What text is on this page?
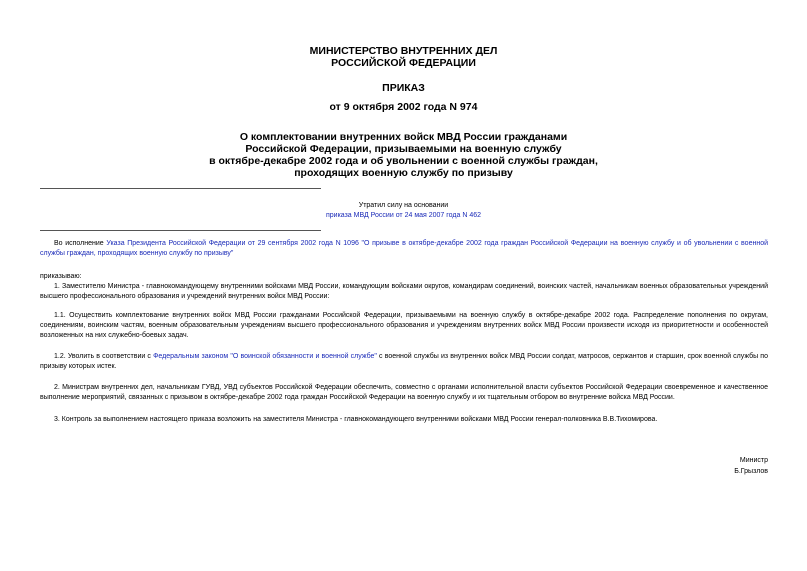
МИНИСТЕРСТВО ВНУТРЕННИХ ДЕЛ
РОССИЙСКОЙ ФЕДЕРАЦИИ
ПРИКАЗ
от 9 октября 2002 года N 974
О комплектовании внутренних войск МВД России гражданами
Российской Федерации, призываемыми на военную службу
в октябре-декабре 2002 года и об увольнении с военной службы граждан,
проходящих военную службу по призыву
Утратил силу на основании
приказа МВД России от 24 мая 2007 года N 462

Во исполнение Указа Президента Российской Федерации от 29 сентября 2002 года N 1096 "О призыве в октябре-декабре 2002 года граждан Российской Федерации на военную службу и об увольнении с военной службы граждан, проходящих военную службу по призыву"

приказываю:

1. Заместителю Министра - главнокомандующему внутренними войсками МВД России, командующим войсками округов, командирам соединений, воинских частей, начальникам военных образовательных учреждений высшего профессионального образования и учреждений внутренних войск МВД России:

1.1. Осуществить комплектование внутренних войск МВД России гражданами Российской Федерации, призываемыми на военную службу в октябре-декабре 2002 года. Распределение пополнения по округам, соединениям, воинским частям, военным образовательным учреждениям высшего профессионального образования и учреждениям внутренних войск МВД России произвести исходя из приоритетности и особенностей возложенных на них служебно-боевых задач.

1.2. Уволить в соответствии с Федеральным законом "О воинской обязанности и военной службе" с военной службы из внутренних войск МВД России солдат, матросов, сержантов и старшин, срок военной службы по призыву которых истек.

2. Министрам внутренних дел, начальникам ГУВД, УВД субъектов Российской Федерации обеспечить, совместно с органами исполнительной власти субъектов Российской Федерации своевременное и качественное выполнение мероприятий, связанных с призывом в октябре-декабре 2002 года граждан Российской Федерации на военную службу и их тщательным отбором во внутренние войска МВД России.

3. Контроль за выполнением настоящего приказа возложить на заместителя Министра - главнокомандующего внутренними войсками МВД России генерал-полковника В.В.Тихомирова.

Министр
Б.Грызлов
